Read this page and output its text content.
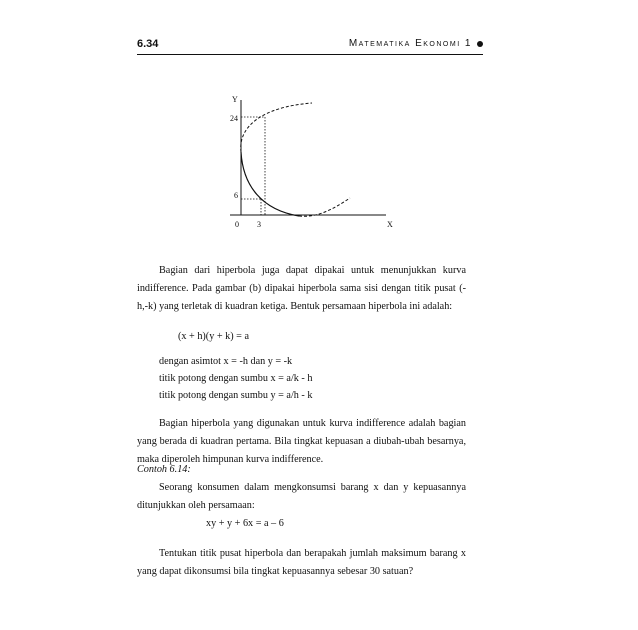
6.34	Matematika Ekonomi 1
Y
X
24
6
0 3

Bagian dari hiperbola juga dapat dipakai untuk menunjukkan kurva indifference. Pada gambar (b) dipakai hiperbola sama sisi dengan titik pusat (-h,-k) yang terletak di kuadran ketiga. Bentuk persamaan hiperbola ini adalah:

(x + h)(y + k) = a
dengan asimtot x = -h dan y = -k
titik potong dengan sumbu x = a/k - h
titik potong dengan sumbu y = a/h - k

Bagian hiperbola yang digunakan untuk kurva indifference adalah bagian yang berada di kuadran pertama. Bila tingkat kepuasan a diubah-ubah besarnya, maka diperoleh himpunan kurva indifference.

Contoh 6.14:

Seorang konsumen dalam mengkonsumsi barang x dan y kepuasannya ditunjukkan oleh persamaan:

xy + y + 6x = a – 6

Tentukan titik pusat hiperbola dan berapakah jumlah maksimum barang x yang dapat dikonsumsi bila tingkat kepuasannya sebesar 30 satuan?
